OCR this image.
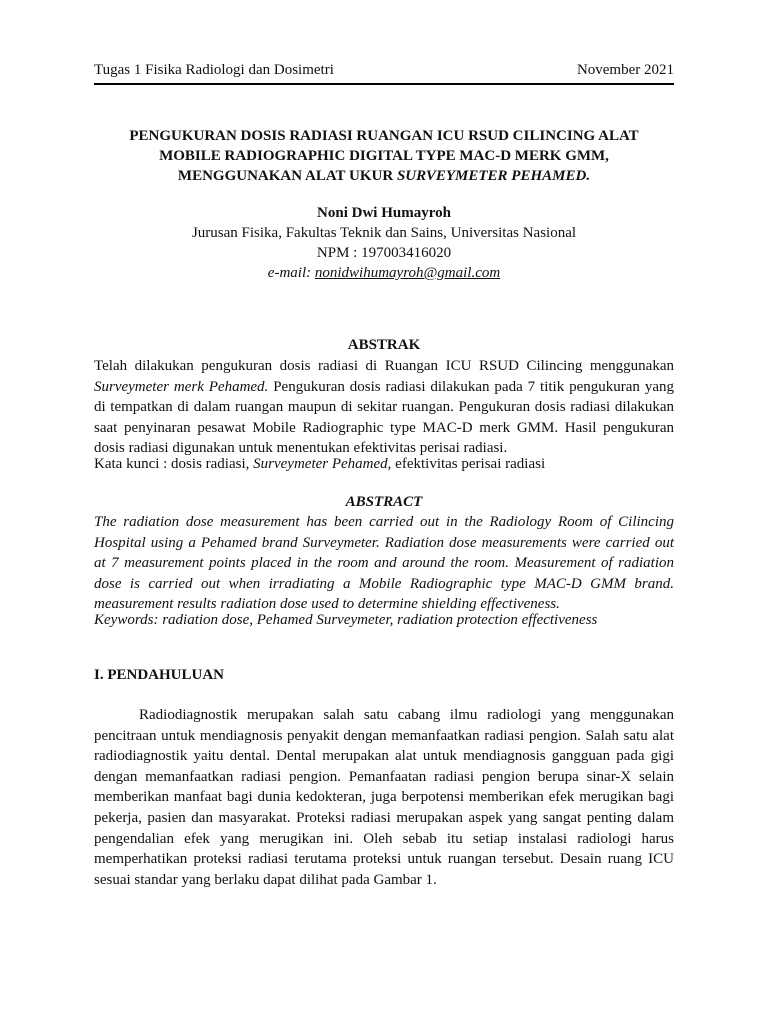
Tugas 1 Fisika Radiologi dan Dosimetri	November 2021
PENGUKURAN DOSIS RADIASI RUANGAN ICU RSUD CILINCING ALAT
MOBILE RADIOGRAPHIC DIGITAL TYPE MAC-D MERK GMM,
MENGGUNAKAN ALAT UKUR SURVEYMETER PEHAMED.
Noni Dwi Humayroh
Jurusan Fisika, Fakultas Teknik dan Sains, Universitas Nasional
NPM : 197003416020
e-mail: nonidwihumayroh@gmail.com
ABSTRAK
Telah dilakukan pengukuran dosis radiasi di Ruangan ICU RSUD Cilincing menggunakan Surveymeter merk Pehamed. Pengukuran dosis radiasi dilakukan pada 7 titik pengukuran yang di tempatkan di dalam ruangan maupun di sekitar ruangan. Pengukuran dosis radiasi dilakukan saat penyinaran pesawat Mobile Radiographic type MAC-D merk GMM. Hasil pengukuran dosis radiasi digunakan untuk menentukan efektivitas perisai radiasi.
Kata kunci : dosis radiasi, Surveymeter Pehamed, efektivitas perisai radiasi
ABSTRACT
The radiation dose measurement has been carried out in the Radiology Room of Cilincing Hospital using a Pehamed brand Surveymeter. Radiation dose measurements were carried out at 7 measurement points placed in the room and around the room. Measurement of radiation dose is carried out when irradiating a Mobile Radiographic type MAC-D GMM brand. measurement results radiation dose used to determine shielding effectiveness.
Keywords: radiation dose, Pehamed Surveymeter, radiation protection effectiveness
I. PENDAHULUAN
Radiodiagnostik merupakan salah satu cabang ilmu radiologi yang menggunakan pencitraan untuk mendiagnosis penyakit dengan memanfaatkan radiasi pengion. Salah satu alat radiodiagnostik yaitu dental. Dental merupakan alat untuk mendiagnosis gangguan pada gigi dengan memanfaatkan radiasi pengion. Pemanfaatan radiasi pengion berupa sinar-X selain memberikan manfaat bagi dunia kedokteran, juga berpotensi memberikan efek merugikan bagi pekerja, pasien dan masyarakat. Proteksi radiasi merupakan aspek yang sangat penting dalam pengendalian efek yang merugikan ini. Oleh sebab itu setiap instalasi radiologi harus memperhatikan proteksi radiasi terutama proteksi untuk ruangan tersebut. Desain ruang ICU sesuai standar yang berlaku dapat dilihat pada Gambar 1.
